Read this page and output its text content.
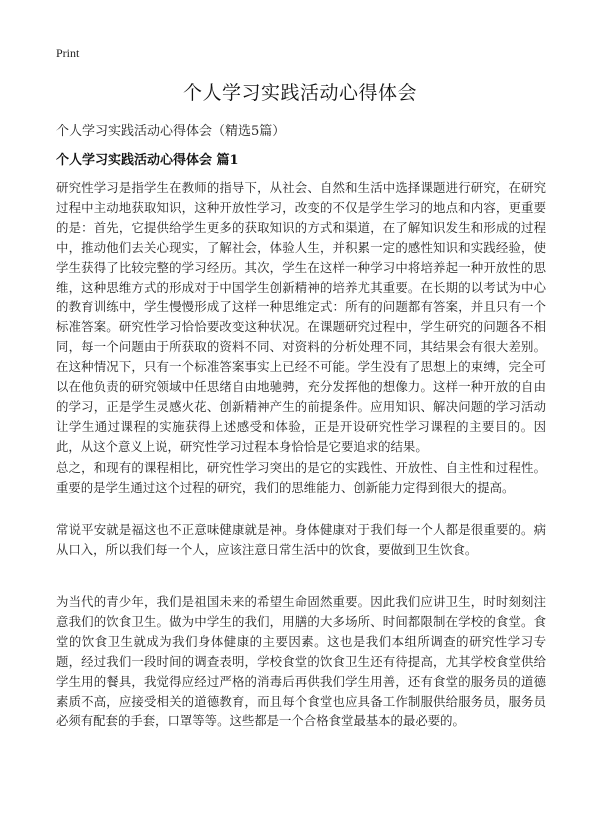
Print
个人学习实践活动心得体会

个人学习实践活动心得体会（精选5篇）

个人学习实践活动心得体会 篇1

研究性学习是指学生在教师的指导下，从社会、自然和生活中选择课题进行研究，在研究过程中主动地获取知识，这种开放性学习，改变的不仅是学生学习的地点和内容，更重要的是：首先，它提供给学生更多的获取知识的方式和渠道，在了解知识发生和形成的过程中，推动他们去关心现实，了解社会，体验人生，并积累一定的感性知识和实践经验，使学生获得了比较完整的学习经历。其次，学生在这样一种学习中将培养起一种开放性的思维，这种思维方式的形成对于中国学生创新精神的培养尤其重要。在长期的以考试为中心的教育训练中，学生慢慢形成了这样一种思维定式：所有的问题都有答案，并且只有一个标准答案。研究性学习恰恰要改变这种状况。在课题研究过程中，学生研究的问题各不相同，每一个问题由于所获取的资料不同、对资料的分析处理不同，其结果会有很大差别。在这种情况下，只有一个标准答案事实上已经不可能。学生没有了思想上的束缚，完全可以在他负责的研究领域中任思绪自由地驰骋，充分发挥他的想像力。这样一种开放的自由的学习，正是学生灵感火花、创新精神产生的前提条件。应用知识、解决问题的学习活动让学生通过课程的实施获得上述感受和体验，正是开设研究性学习课程的主要目的。因此，从这个意义上说，研究性学习过程本身恰恰是它要追求的结果。

总之，和现有的课程相比，研究性学习突出的是它的实践性、开放性、自主性和过程性。重要的是学生通过这个过程的研究，我们的思维能力、创新能力定得到很大的提高。

常说平安就是福这也不正意味健康就是神。身体健康对于我们每一个人都是很重要的。病从口入，所以我们每一个人，应该注意日常生活中的饮食，要做到卫生饮食。

为当代的青少年，我们是祖国未来的希望生命固然重要。因此我们应讲卫生，时时刻刻注意我们的饮食卫生。做为中学生的我们，用膳的大多场所、时间都限制在学校的食堂。食堂的饮食卫生就成为我们身体健康的主要因素。这也是我们本组所调查的研究性学习专题，经过我们一段时间的调查表明，学校食堂的饮食卫生还有待提高，尤其学校食堂供给学生用的餐具，我觉得应经过严格的消毒后再供我们学生用善，还有食堂的服务员的道德素质不高，应接受相关的道德教育，而且每个食堂也应具备工作制服供给服务员，服务员必须有配套的手套，口罩等等。这些都是一个合格食堂最基本的最必要的。
